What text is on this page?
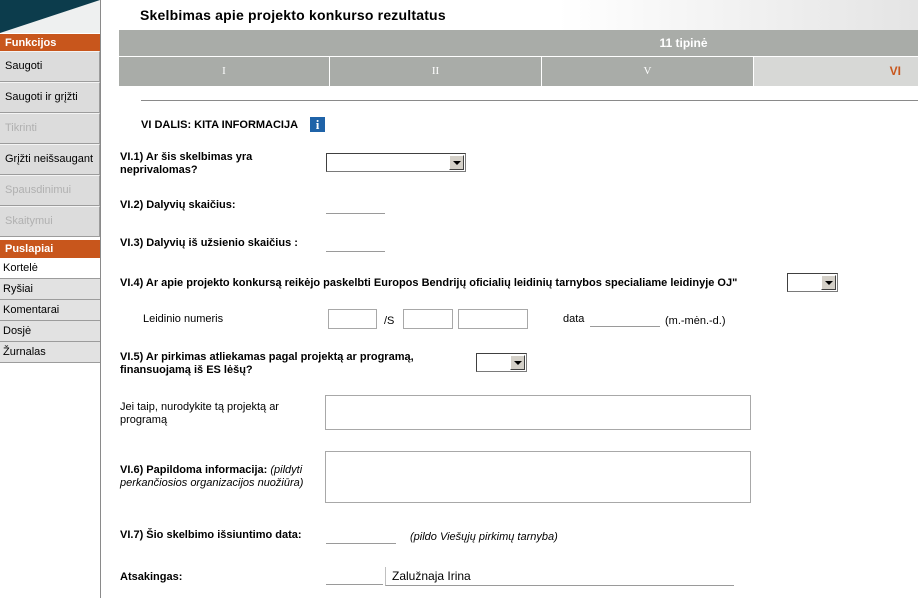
Funkcijos
Saugoti
Saugoti ir grįžti
Tikrinti
Grįžti neišsaugant
Spausdinimui
Skaitymui
Puslapiai
Kortelė
Ryšiai
Komentarai
Dosjė
Žurnalas
Skelbimas apie projekto konkurso rezultatus
11 tipinė
I	II	V	VI
VI DALIS: KITA INFORMACIJA	i
VI.1) Ar šis skelbimas yra
neprivalomas?
VI.2) Dalyvių skaičius:
VI.3) Dalyvių iš užsienio skaičius :
VI.4) Ar apie projekto konkursą reikėjo paskelbti Europos Bendrijų oficialių leidinių tarnybos specialiame leidinyje OJ"
Leidinio numeris	/S	data	(m.-mėn.-d.)
VI.5) Ar pirkimas atliekamas pagal projektą ar programą,
finansuojamą iš ES lėšų?
Jei taip, nurodykite tą projektą ar
programą
VI.6) Papildoma informacija: (pildyti
perkančiosios organizacijos nuožiūra)
VI.7) Šio skelbimo išsiuntimo data:	(pildo Viešųjų pirkimų tarnyba)
Atsakingas:	Zalužnaja Irina
